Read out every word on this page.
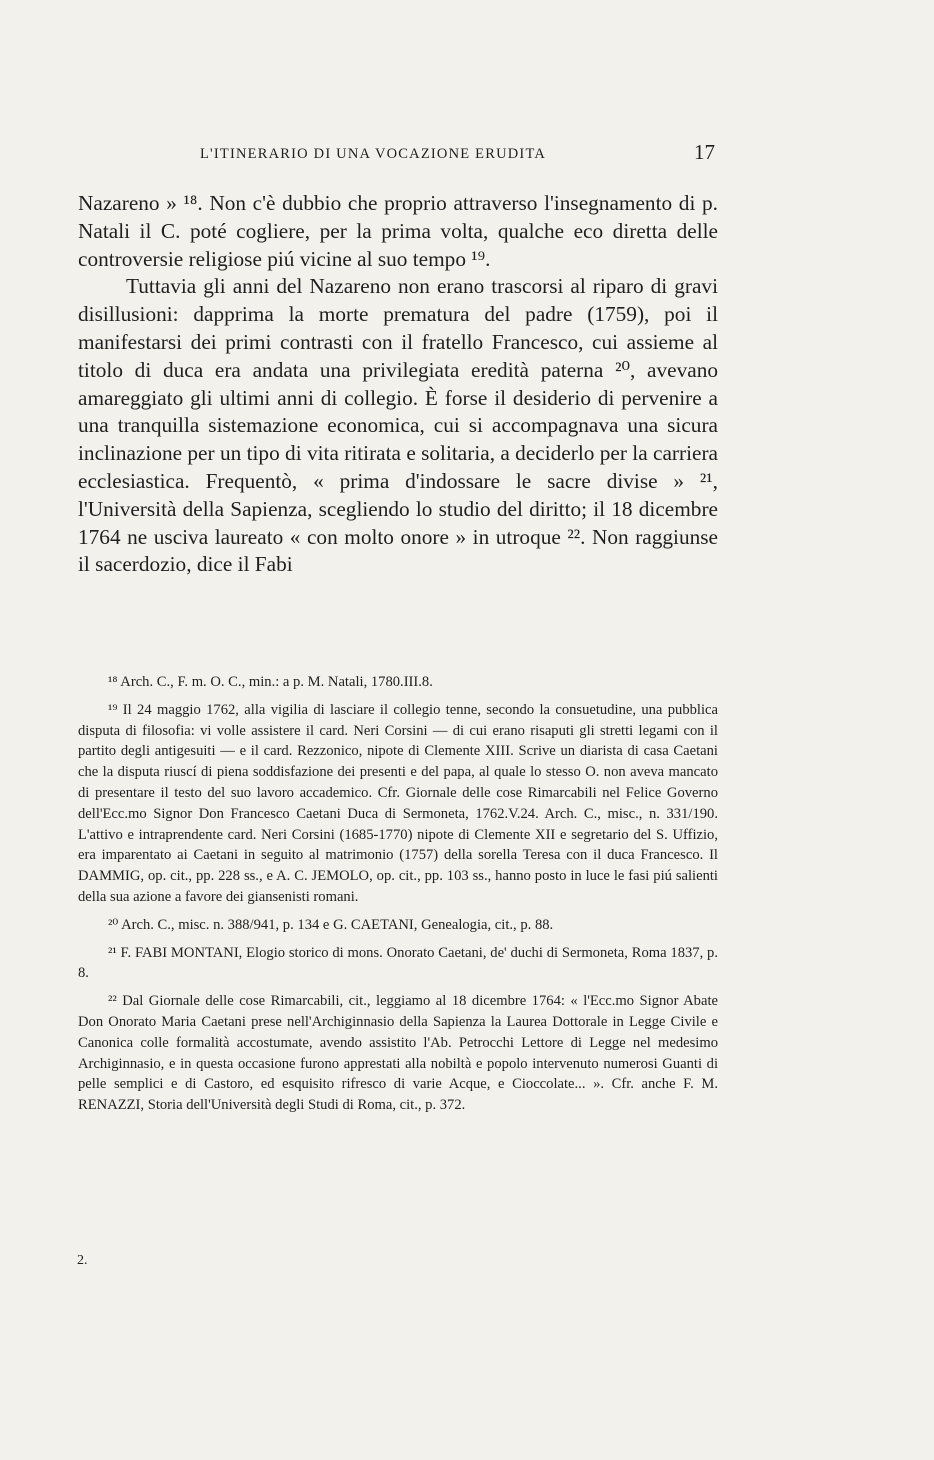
L'ITINERARIO DI UNA VOCAZIONE ERUDITA	17

Nazareno » ¹⁸. Non c'è dubbio che proprio attraverso l'insegnamento di p. Natali il C. poté cogliere, per la prima volta, qualche eco diretta delle controversie religiose piú vicine al suo tempo ¹⁹.

Tuttavia gli anni del Nazareno non erano trascorsi al riparo di gravi disillusioni: dapprima la morte prematura del padre (1759), poi il manifestarsi dei primi contrasti con il fratello Francesco, cui assieme al titolo di duca era andata una privilegiata eredità paterna ²⁰, avevano amareggiato gli ultimi anni di collegio. È forse il desiderio di pervenire a una tranquilla sistemazione economica, cui si accompagnava una sicura inclinazione per un tipo di vita ritirata e solitaria, a deciderlo per la carriera ecclesiastica. Frequentò, « prima d'indossare le sacre divise » ²¹, l'Università della Sapienza, scegliendo lo studio del diritto; il 18 dicembre 1764 ne usciva laureato « con molto onore » in utroque ²². Non raggiunse il sacerdozio, dice il Fabi

¹⁸ Arch. C., F. m. O. C., min.: a p. M. Natali, 1780.III.8.

¹⁹ Il 24 maggio 1762, alla vigilia di lasciare il collegio tenne, secondo la consuetudine, una pubblica disputa di filosofia: vi volle assistere il card. Neri Corsini — di cui erano risaputi gli stretti legami con il partito degli antigesuiti — e il card. Rezzonico, nipote di Clemente XIII. Scrive un diarista di casa Caetani che la disputa riuscí di piena soddisfazione dei presenti e del papa, al quale lo stesso O. non aveva mancato di presentare il testo del suo lavoro accademico. Cfr. Giornale delle cose Rimarcabili nel Felice Governo dell'Ecc.mo Signor Don Francesco Caetani Duca di Sermoneta, 1762.V.24. Arch. C., misc., n. 331/190. L'attivo e intraprendente card. Neri Corsini (1685-1770) nipote di Clemente XII e segretario del S. Uffizio, era imparentato ai Caetani in seguito al matrimonio (1757) della sorella Teresa con il duca Francesco. Il DAMMIG, op. cit., pp. 228 ss., e A. C. JEMOLO, op. cit., pp. 103 ss., hanno posto in luce le fasi piú salienti della sua azione a favore dei giansenisti romani.

²⁰ Arch. C., misc. n. 388/941, p. 134 e G. CAETANI, Genealogia, cit., p. 88.

²¹ F. FABI MONTANI, Elogio storico di mons. Onorato Caetani, de' duchi di Sermoneta, Roma 1837, p. 8.

²² Dal Giornale delle cose Rimarcabili, cit., leggiamo al 18 dicembre 1764: « l'Ecc.mo Signor Abate Don Onorato Maria Caetani prese nell'Archiginnasio della Sapienza la Laurea Dottorale in Legge Civile e Canonica colle formalità accostumate, avendo assistito l'Ab. Petrocchi Lettore di Legge nel medesimo Archiginnasio, e in questa occasione furono apprestati alla nobiltà e popolo intervenuto numerosi Guanti di pelle semplici e di Castoro, ed esquisito rifresco di varie Acque, e Cioccolate... ». Cfr. anche F. M. RENAZZI, Storia dell'Università degli Studi di Roma, cit., p. 372.

2.
